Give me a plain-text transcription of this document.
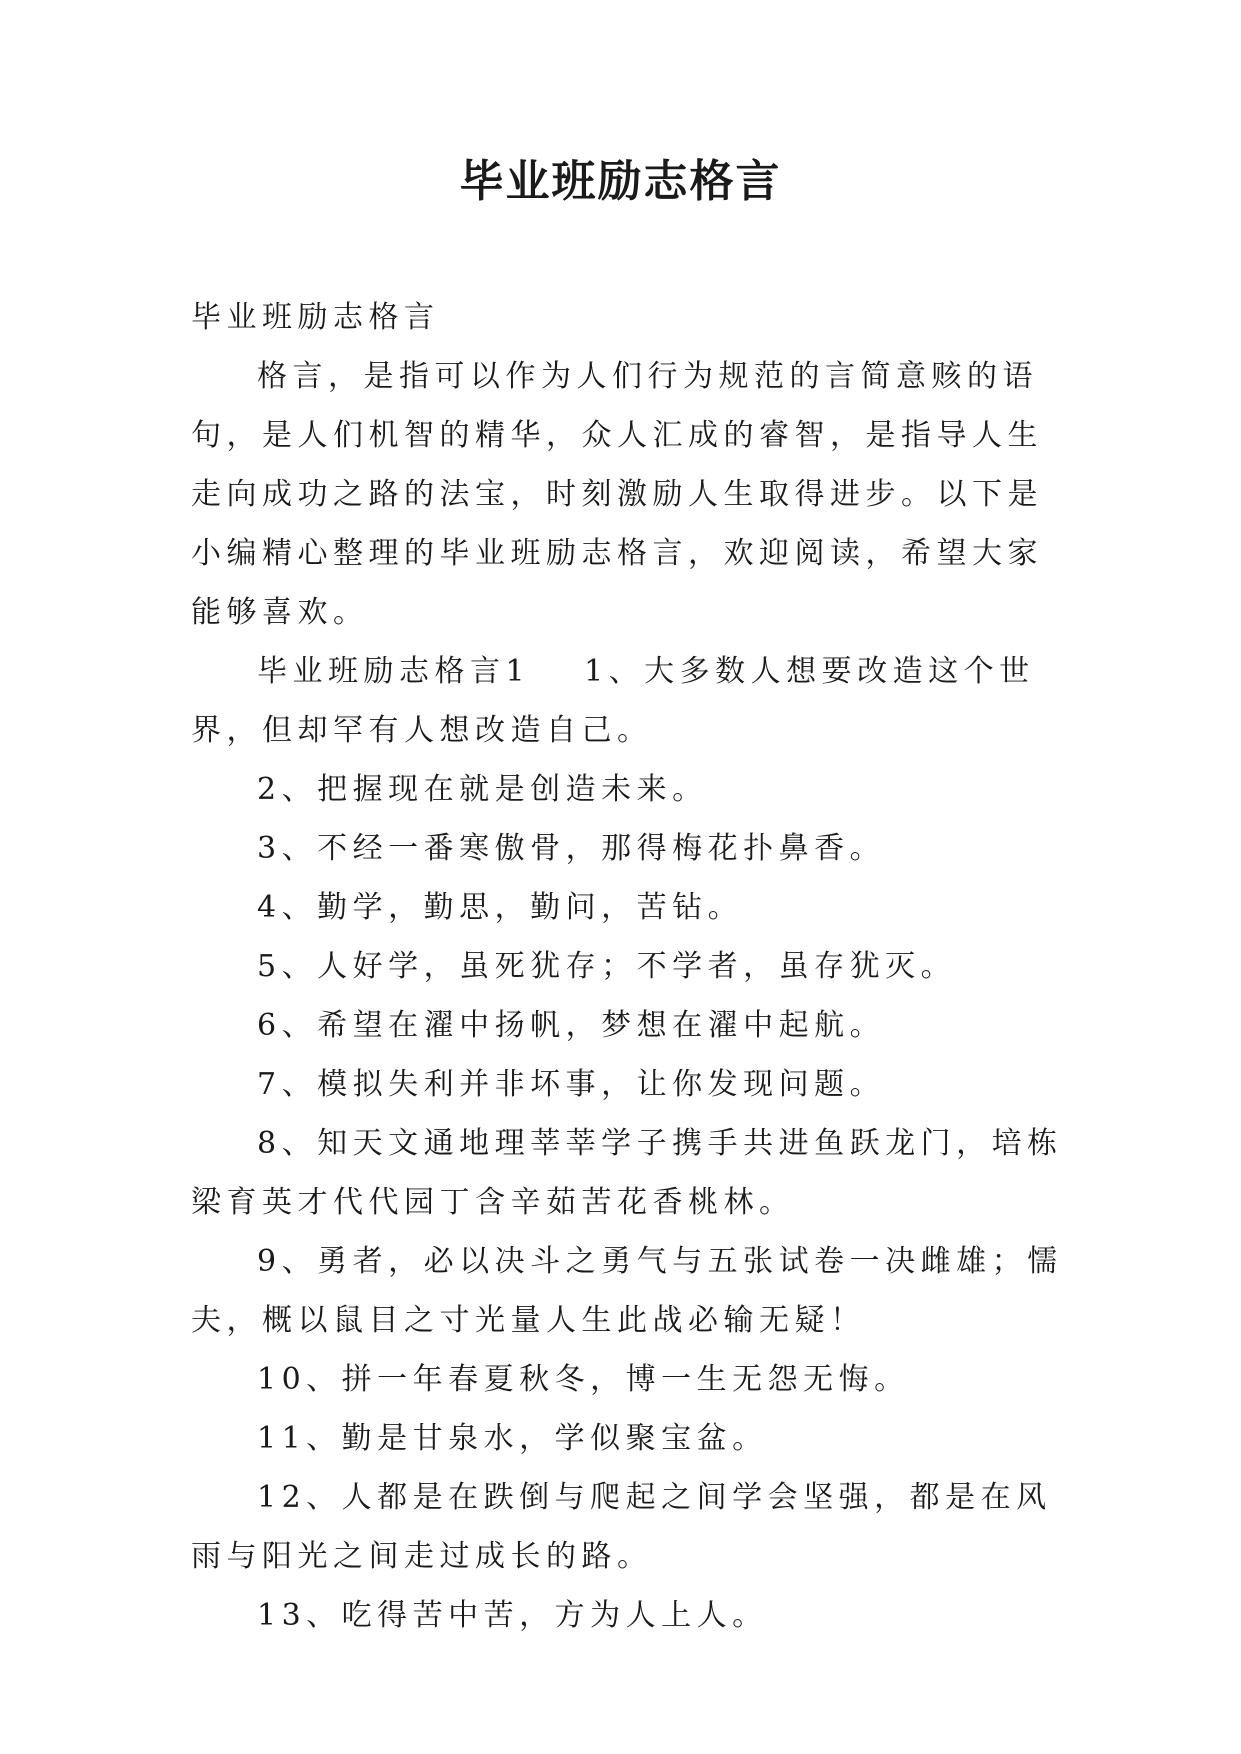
毕业班励志格言

毕业班励志格言

格言，是指可以作为人们行为规范的言简意赅的语句，是人们机智的精华，众人汇成的睿智，是指导人生走向成功之路的法宝，时刻激励人生取得进步。以下是小编精心整理的毕业班励志格言，欢迎阅读，希望大家能够喜欢。

毕业班励志格言1 1、大多数人想要改造这个世界，但却罕有人想改造自己。

2、把握现在就是创造未来。

3、不经一番寒傲骨，那得梅花扑鼻香。

4、勤学，勤思，勤问，苦钻。

5、人好学，虽死犹存；不学者，虽存犹灭。

6、希望在濯中扬帆，梦想在濯中起航。

7、模拟失利并非坏事，让你发现问题。

8、知天文通地理莘莘学子携手共进鱼跃龙门，培栋梁育英才代代园丁含辛茹苦花香桃林。

9、勇者，必以决斗之勇气与五张试卷一决雌雄；懦夫，概以鼠目之寸光量人生此战必输无疑！

10、拼一年春夏秋冬，博一生无怨无悔。

11、勤是甘泉水，学似聚宝盆。

12、人都是在跌倒与爬起之间学会坚强，都是在风雨与阳光之间走过成长的路。

13、吃得苦中苦，方为人上人。
